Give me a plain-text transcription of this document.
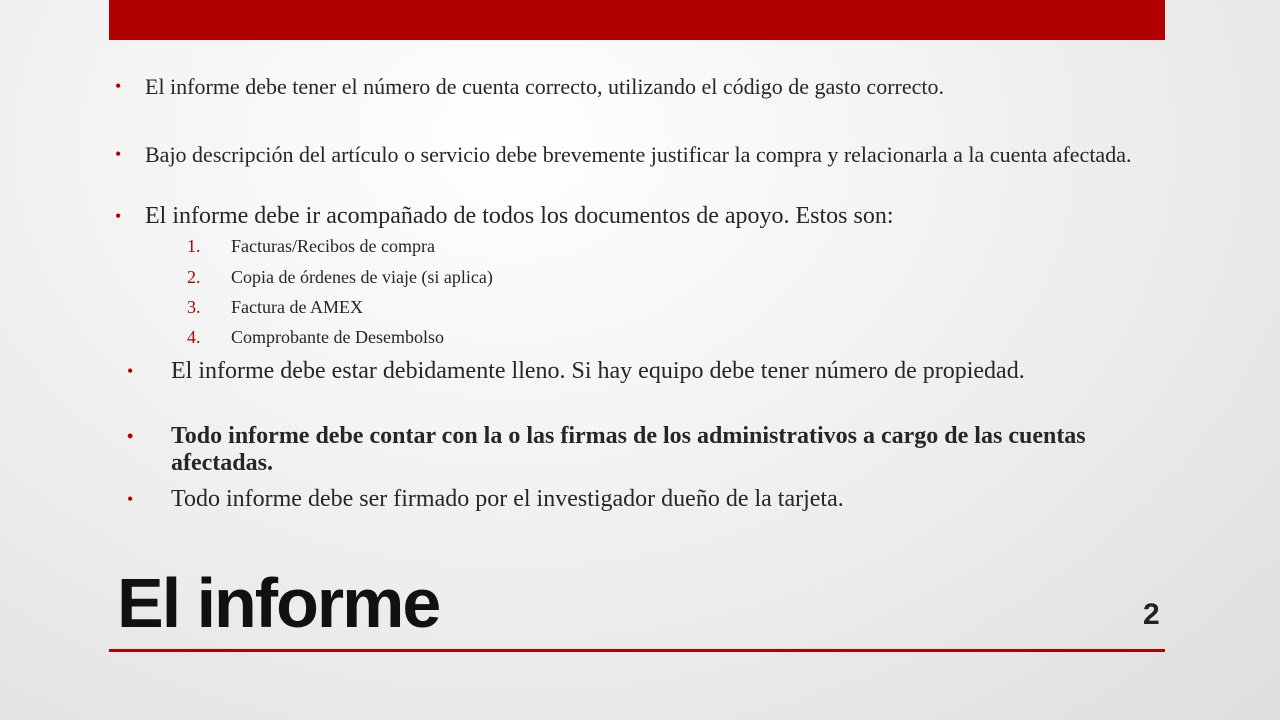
• El informe debe tener el número de cuenta correcto, utilizando el código de gasto correcto.
• Bajo descripción del artículo o servicio debe brevemente justificar la compra y relacionarla a la cuenta afectada.
• El informe debe ir acompañado de todos los documentos de apoyo. Estos son:
1.	Facturas/Recibos de compra
2.	Copia de órdenes de viaje (si aplica)
3.	Factura de AMEX
4.	Comprobante de Desembolso
• El informe debe estar debidamente lleno. Si hay equipo debe tener número de propiedad.
• Todo informe debe contar con la o las firmas de los administrativos a cargo de las cuentas afectadas.
• Todo informe debe ser firmado por el investigador dueño de la tarjeta.
El informe	2
